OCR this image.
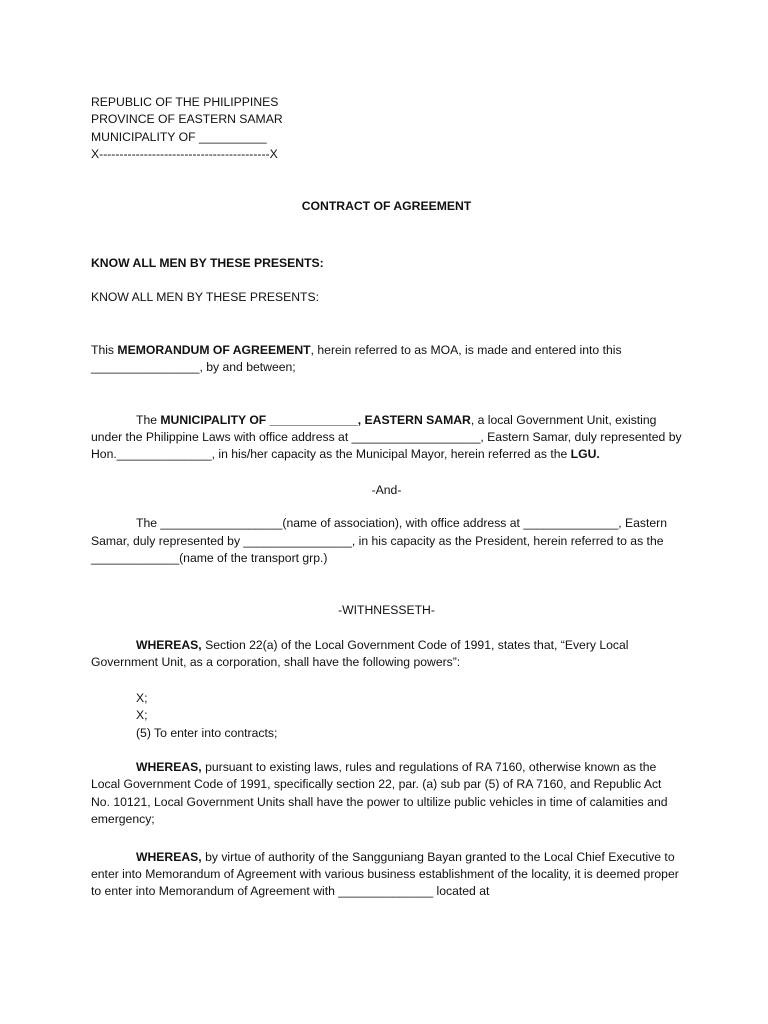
REPUBLIC OF THE PHILIPPINES
PROVINCE OF EASTERN SAMAR
MUNICIPALITY OF __________
X------------------------------------------X
CONTRACT OF AGREEMENT
KNOW ALL MEN BY THESE PRESENTS:
KNOW ALL MEN BY THESE PRESENTS:

This MEMORANDUM OF AGREEMENT, herein referred to as MOA, is made and entered into this ________________, by and between;

The MUNICIPALITY OF _____________, EASTERN SAMAR, a local Government Unit, existing under the Philippine Laws with office address at ___________________, Eastern Samar, duly represented by Hon.______________, in his/her capacity as the Municipal Mayor, herein referred as the LGU.

-And-

The __________________(name of association), with office address at ______________, Eastern Samar, duly represented by ________________, in his capacity as the President, herein referred to as the _____________(name of the transport grp.)

-WITHNESSETH-

WHEREAS, Section 22(a) of the Local Government Code of 1991, states that, “Every Local Government Unit, as a corporation, shall have the following powers”:

X;
X;
(5) To enter into contracts;

WHEREAS, pursuant to existing laws, rules and regulations of RA 7160, otherwise known as the Local Government Code of 1991, specifically section 22, par. (a) sub par (5) of RA 7160, and Republic Act No. 10121, Local Government Units shall have the power to ultilize public vehicles in time of calamities and emergency;

WHEREAS, by virtue of authority of the Sangguniang Bayan granted to the Local Chief Executive to enter into Memorandum of Agreement with various business establishment of the locality, it is deemed proper to enter into Memorandum of Agreement with ______________ located at
